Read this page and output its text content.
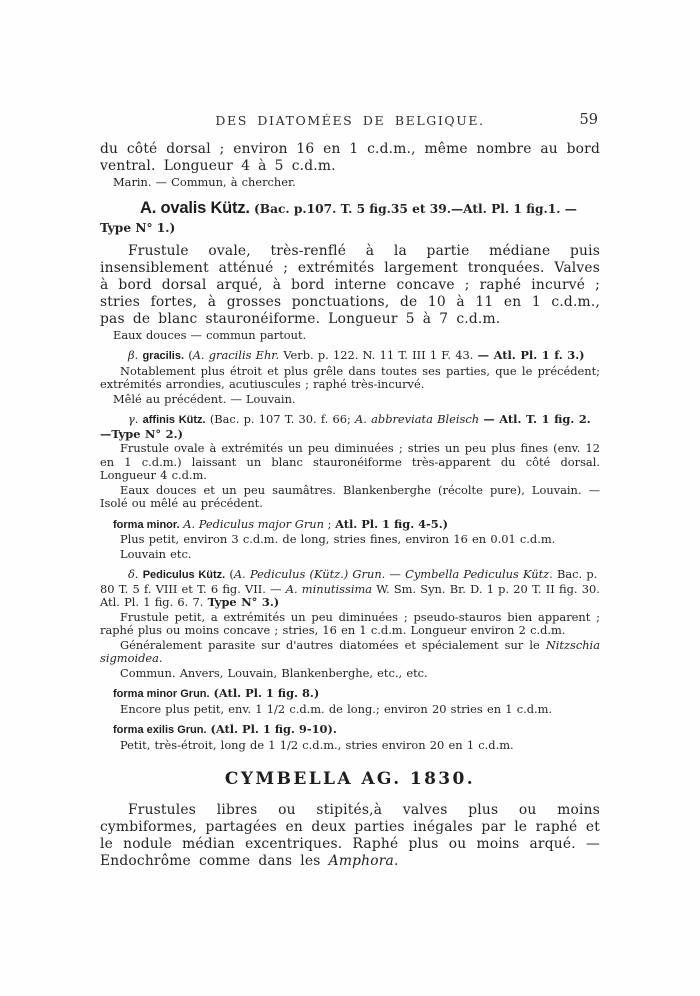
DES DIATOMÉES DE BELGIQUE.	59

du côté dorsal ; environ 16 en 1 c.d.m., même nombre au bord ventral. Longueur 4 à 5 c.d.m.

Marin. — Commun, à chercher.

A. ovalis Kütz. (Bac. p.107. T. 5 fig.35 et 39.—Atl. Pl. 1 fig.1. —Type N° 1.)

Frustule ovale, très-renflé à la partie médiane puis insensiblement atténué ; extrémités largement tronquées. Valves à bord dorsal arqué, à bord interne concave ; raphé incurvé ; stries fortes, à grosses ponctuations, de 10 à 11 en 1 c.d.m., pas de blanc stauronéiforme. Longueur 5 à 7 c.d.m.

Eaux douces — commun partout.

β. gracilis. (A. gracilis Ehr. Verb. p. 122. N. 11 T. III 1 F. 43. — Atl. Pl. 1 f. 3.)

Notablement plus étroit et plus grêle dans toutes ses parties, que le précédent; extrémités arrondies, acutiuscules ; raphé très-incurvé.

Mêlé au précédent. — Louvain.

γ. affinis Kütz. (Bac. p. 107 T. 30. f. 66; A. abbreviata Bleisch — Atl. T. 1 fig. 2. —Type N° 2.)

Frustule ovale à extrémités un peu diminuées ; stries un peu plus fines (env. 12 en 1 c.d.m.) laissant un blanc stauronéiforme très-apparent du côté dorsal. Longueur 4 c.d.m.

Eaux douces et un peu saumâtres. Blankenberghe (récolte pure), Louvain. — Isolé ou mêlé au précédent.

forma minor. A. Pediculus major Grun ; Atl. Pl. 1 fig. 4-5.)

Plus petit, environ 3 c.d.m. de long, stries fines, environ 16 en 0.01 c.d.m.

Louvain etc.

δ. Pediculus Kütz. (A. Pediculus (Kütz.) Grun. — Cymbella Pediculus Kütz. Bac. p. 80 T. 5 f. VIII et T. 6 fig. VII. — A. minutissima W. Sm. Syn. Br. D. 1 p. 20 T. II fig. 30. Atl. Pl. 1 fig. 6. 7. Type N° 3.)

Frustule petit, a extrémités un peu diminuées ; pseudo-stauros bien apparent ; raphé plus ou moins concave ; stries, 16 en 1 c.d.m. Longueur environ 2 c.d.m.

Généralement parasite sur d'autres diatomées et spécialement sur le Nitzschia sigmoidea.

Commun. Anvers, Louvain, Blankenberghe, etc., etc.

forma minor Grun. (Atl. Pl. 1 fig. 8.)

Encore plus petit, env. 1 1/2 c.d.m. de long.; environ 20 stries en 1 c.d.m.

forma exilis Grun. (Atl. Pl. 1 fig. 9-10).

Petit, très-étroit, long de 1 1/2 c.d.m., stries environ 20 en 1 c.d.m.

CYMBELLA AG. 1830.

Frustules libres ou stipités,à valves plus ou moins cymbiformes, partagées en deux parties inégales par le raphé et le nodule médian excentriques. Raphé plus ou moins arqué. — Endochrôme comme dans les Amphora.
